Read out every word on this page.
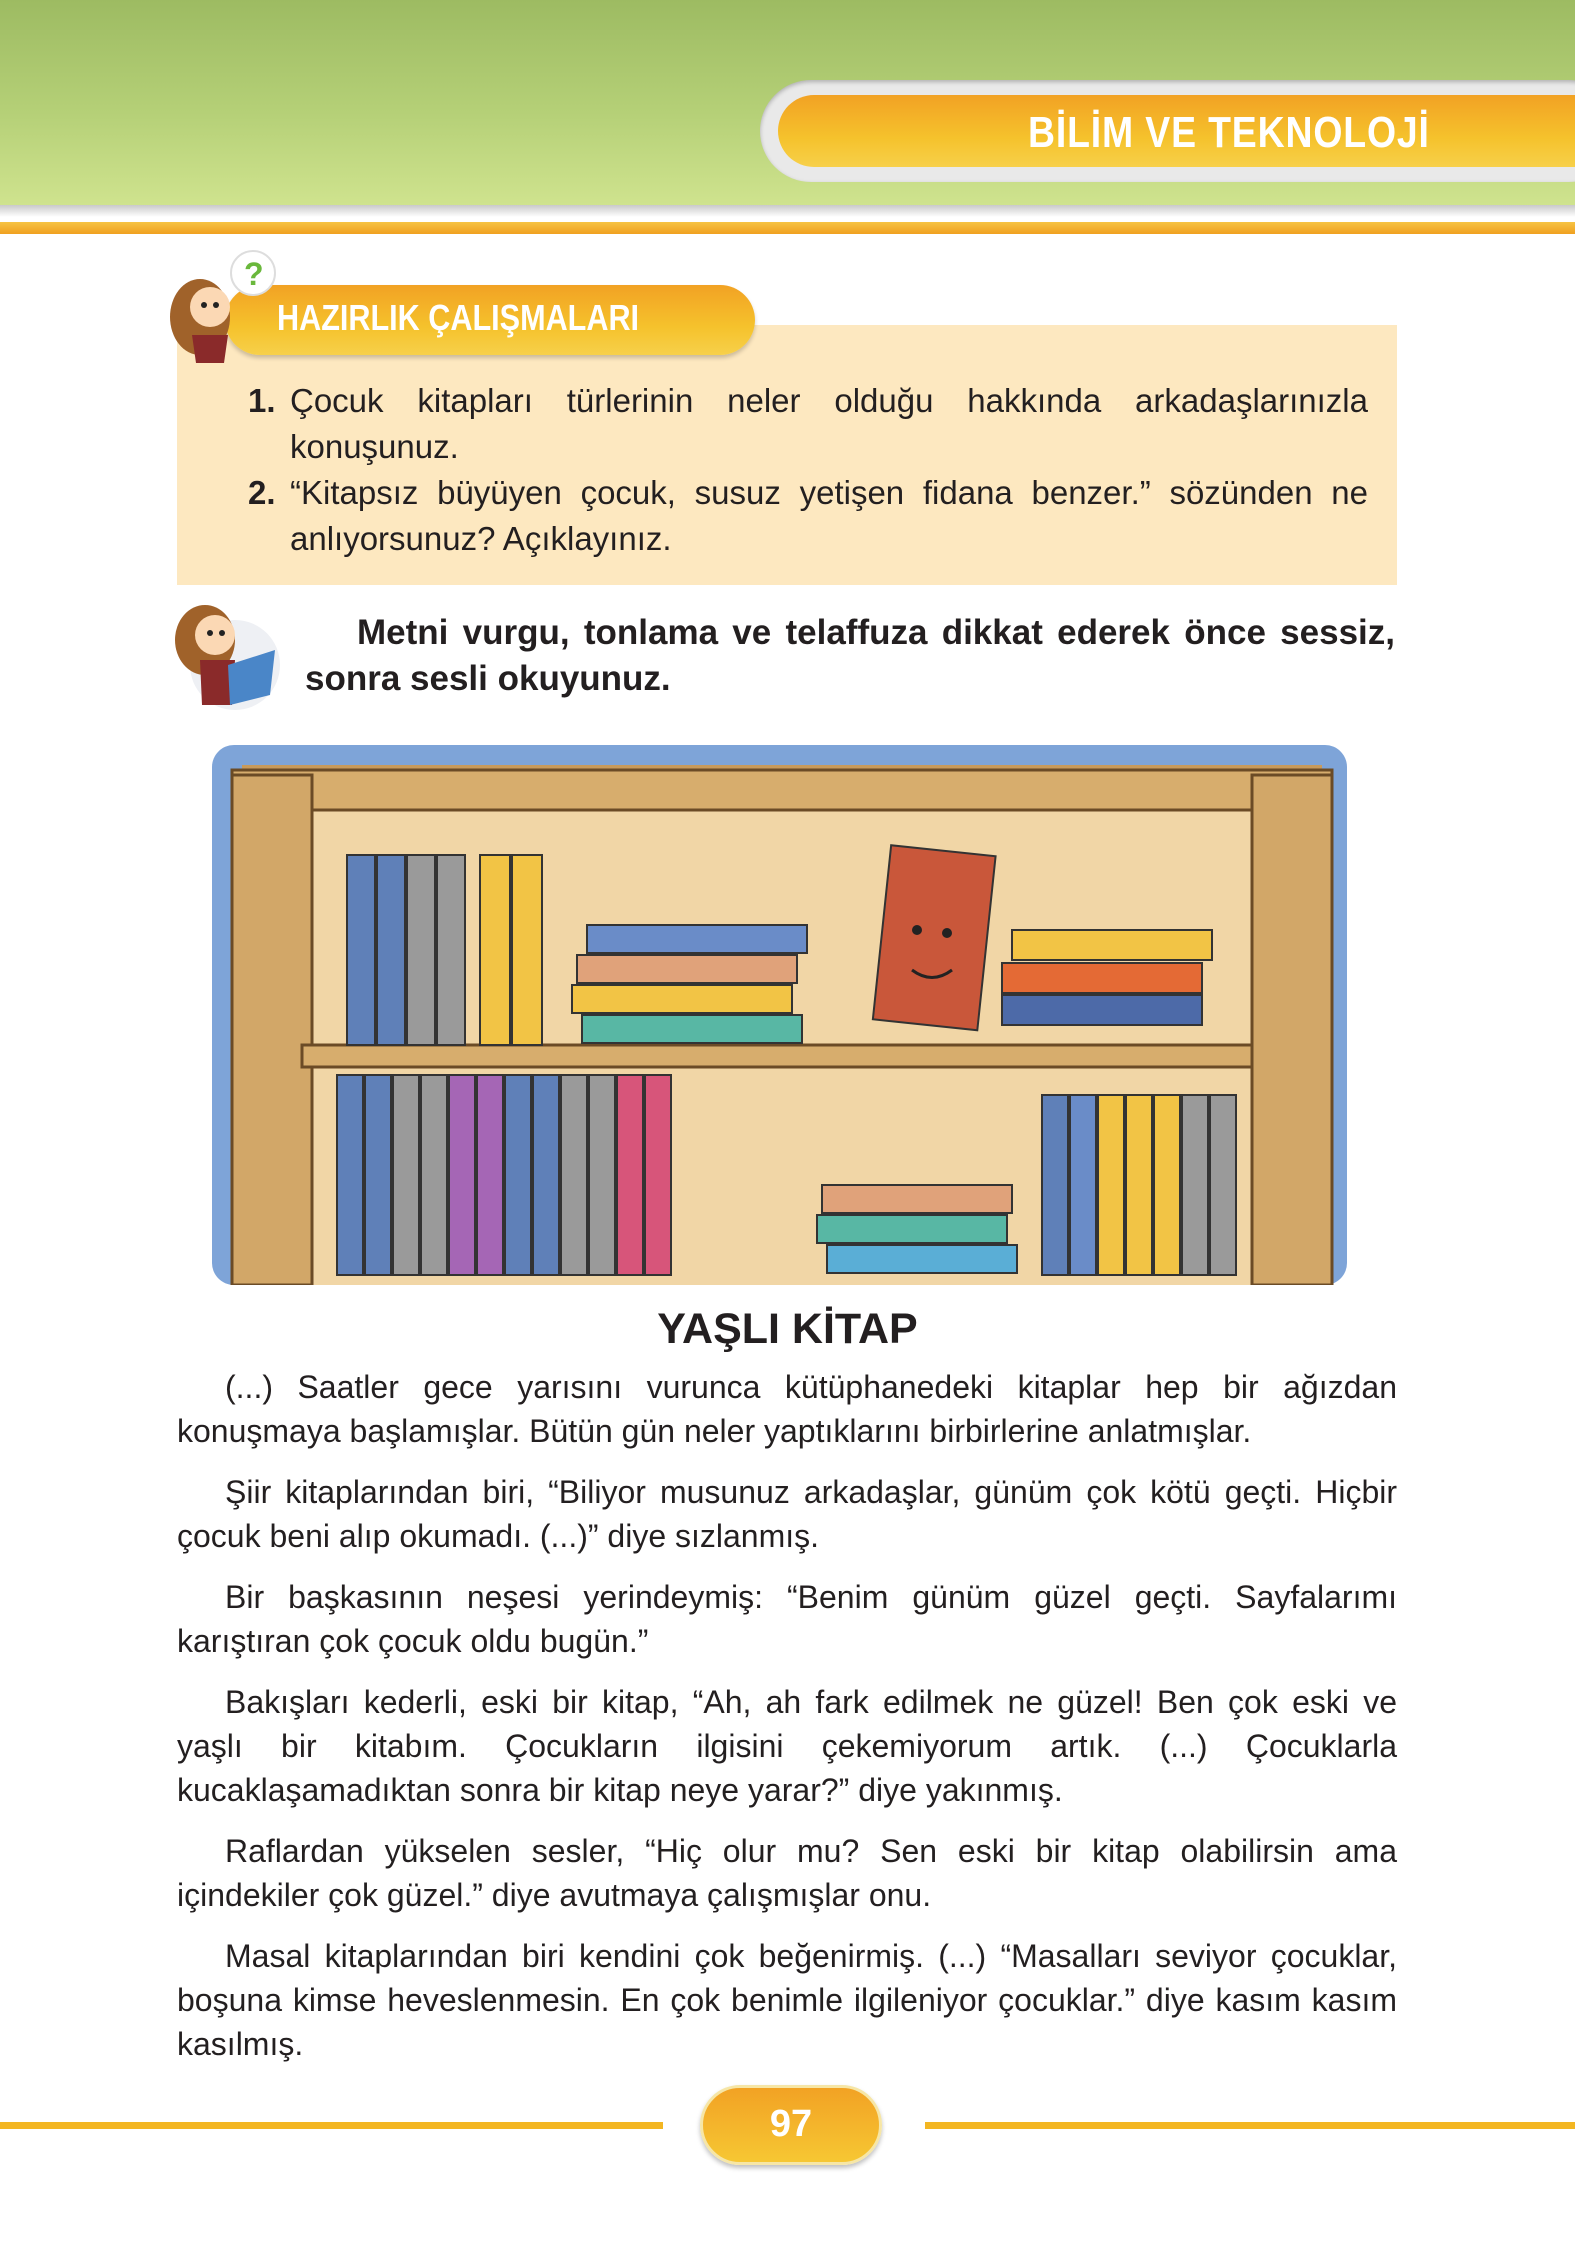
BİLİM VE TEKNOLOJİ
HAZIRLIK ÇALIŞMALARI
?
1. Çocuk kitapları türlerinin neler olduğu hakkında arkadaşlarınızla konuşunuz.
2. “Kitapsız büyüyen çocuk, susuz yetişen fidana benzer.” sözünden ne anlıyorsunuz? Açıklayınız.
Metni vurgu, tonlama ve telaffuza dikkat ederek önce sessiz, sonra sesli okuyunuz.
YAŞLI KİTAP

(...) Saatler gece yarısını vurunca kütüphanedeki kitaplar hep bir ağızdan konuşmaya başlamışlar. Bütün gün neler yaptıklarını birbirlerine anlatmışlar.

Şiir kitaplarından biri, “Biliyor musunuz arkadaşlar, günüm çok kötü geçti. Hiçbir çocuk beni alıp okumadı. (...)” diye sızlanmış.

Bir başkasının neşesi yerindeymiş: “Benim günüm güzel geçti. Sayfalarımı karıştıran çok çocuk oldu bugün.”

Bakışları kederli, eski bir kitap, “Ah, ah fark edilmek ne güzel! Ben çok eski ve yaşlı bir kitabım. Çocukların ilgisini çekemiyorum artık. (...) Çocuklarla kucaklaşamadıktan sonra bir kitap neye yarar?” diye yakınmış.

Raflardan yükselen sesler, “Hiç olur mu? Sen eski bir kitap olabilirsin ama içindekiler çok güzel.” diye avutmaya çalışmışlar onu.

Masal kitaplarından biri kendini çok beğenirmiş. (...) “Masalları seviyor çocuklar, boşuna kimse heveslenmesin. En çok benimle ilgileniyor çocuklar.” diye kasım kasım kasılmış.

97
